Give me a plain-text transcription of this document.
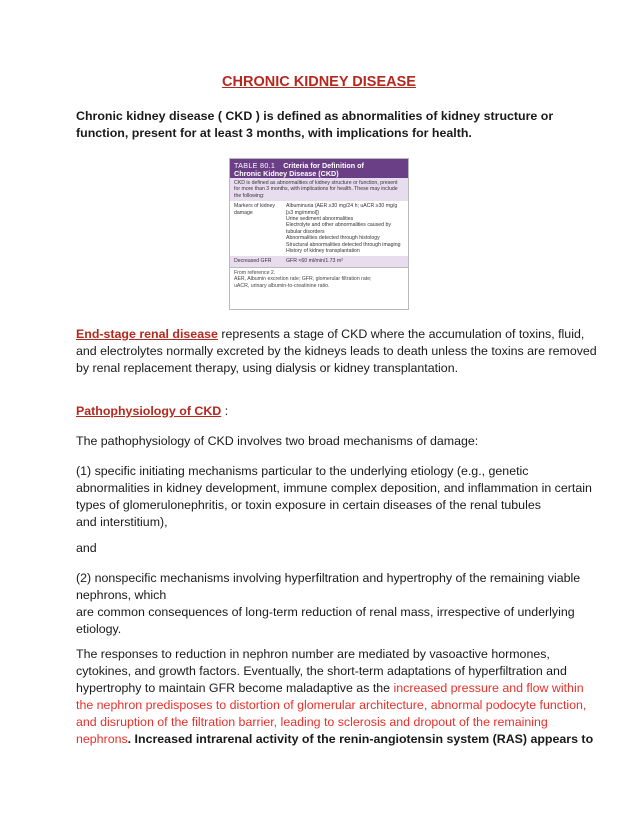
CHRONIC KIDNEY DISEASE
Chronic kidney disease ( CKD ) is defined as abnormalities of kidney structure or
function, present for at least 3 months, with implications for health.
TABLE 80.1 Criteria for Definition of
Chronic Kidney Disease (CKD)
CKD is defined as abnormalities of kidney structure or function, present for more than 3 months, with implications for health. These may include the following:
Markers of kidney damage
Albuminuria (AER ≥30 mg/24 h; uACR ≥30 mg/g [≥3 mg/mmol])
Urine sediment abnormalities
Electrolyte and other abnormalities caused by tubular disorders
Abnormalities detected through histology
Structural abnormalities detected through imaging
History of kidney transplantation
Decreased GFR	GFR <60 ml/min/1.73 m²
From reference 2.
AER, Albumin excretion rate; GFR, glomerular filtration rate;
uACR, urinary albumin-to-creatinine ratio.
End-stage renal disease represents a stage of CKD where the accumulation of toxins, fluid,
and electrolytes normally excreted by the kidneys leads to death unless the toxins are removed
by renal replacement therapy, using dialysis or kidney transplantation.
Pathophysiology of CKD :
The pathophysiology of CKD involves two broad mechanisms of damage:
(1) specific initiating mechanisms particular to the underlying etiology (e.g., genetic
abnormalities in kidney development, immune complex deposition, and inflammation in certain
types of glomerulonephritis, or toxin exposure in certain diseases of the renal tubules
and interstitium),
and
(2) nonspecific mechanisms involving hyperfiltration and hypertrophy of the remaining viable
nephrons, which
are common consequences of long-term reduction of renal mass, irrespective of underlying
etiology.
The responses to reduction in nephron number are mediated by vasoactive hormones,
cytokines, and growth factors. Eventually, the short-term adaptations of hyperfiltration and
hypertrophy to maintain GFR become maladaptive as the increased pressure and flow within
the nephron predisposes to distortion of glomerular architecture, abnormal podocyte function,
and disruption of the filtration barrier, leading to sclerosis and dropout of the remaining
nephrons. Increased intrarenal activity of the renin-angiotensin system (RAS) appears to
